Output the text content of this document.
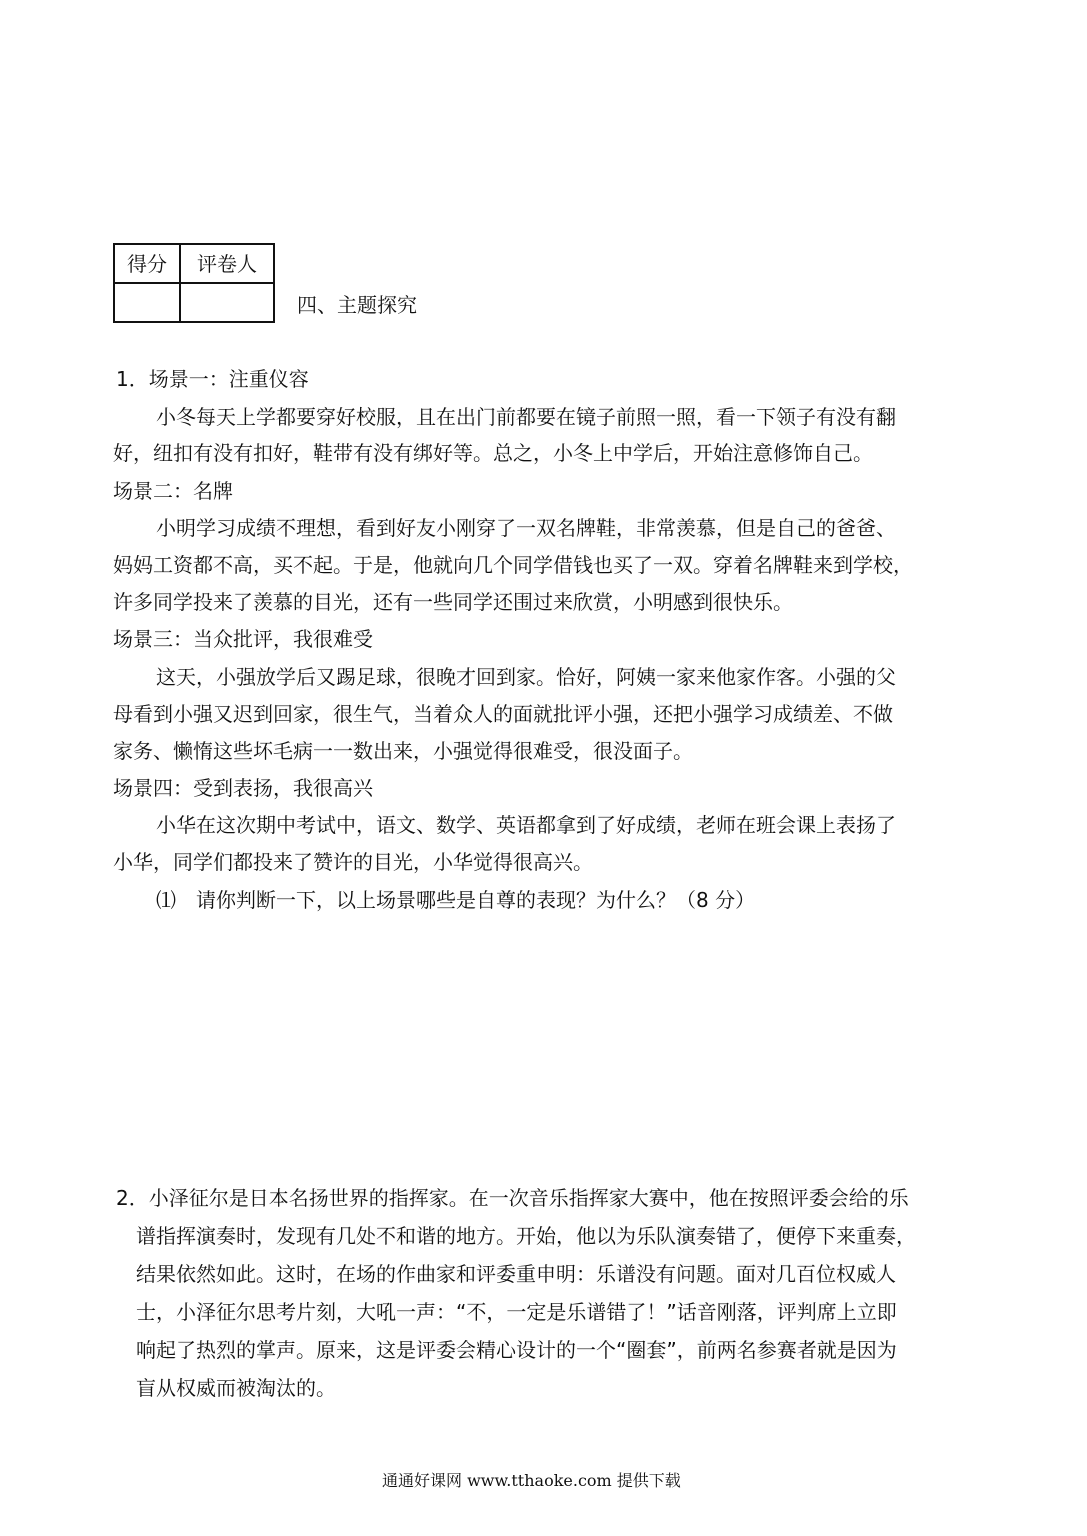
得分	评卷人

四、主题探究
1．场景一：注重仪容
小冬每天上学都要穿好校服，且在出门前都要在镜子前照一照，看一下领子有没有翻
好，纽扣有没有扣好，鞋带有没有绑好等。总之，小冬上中学后，开始注意修饰自己。
场景二：名牌
小明学习成绩不理想，看到好友小刚穿了一双名牌鞋，非常羡慕，但是自己的爸爸、
妈妈工资都不高，买不起。于是，他就向几个同学借钱也买了一双。穿着名牌鞋来到学校，
许多同学投来了羡慕的目光，还有一些同学还围过来欣赏，小明感到很快乐。
场景三：当众批评，我很难受
这天，小强放学后又踢足球，很晚才回到家。恰好，阿姨一家来他家作客。小强的父
母看到小强又迟到回家，很生气，当着众人的面就批评小强，还把小强学习成绩差、不做
家务、懒惰这些坏毛病一一数出来，小强觉得很难受，很没面子。
场景四：受到表扬，我很高兴
小华在这次期中考试中，语文、数学、英语都拿到了好成绩，老师在班会课上表扬了
小华，同学们都投来了赞许的目光，小华觉得很高兴。
⑴　请你判断一下，以上场景哪些是自尊的表现？为什么？（8 分）
2．小泽征尔是日本名扬世界的指挥家。在一次音乐指挥家大赛中，他在按照评委会给的乐
谱指挥演奏时，发现有几处不和谐的地方。开始，他以为乐队演奏错了，便停下来重奏，
结果依然如此。这时，在场的作曲家和评委重申明：乐谱没有问题。面对几百位权威人
士，小泽征尔思考片刻，大吼一声：“不，一定是乐谱错了！”话音刚落，评判席上立即
响起了热烈的掌声。原来，这是评委会精心设计的一个“圈套”，前两名参赛者就是因为
盲从权威而被淘汰的。
通通好课网 www.tthaoke.com 提供下载
